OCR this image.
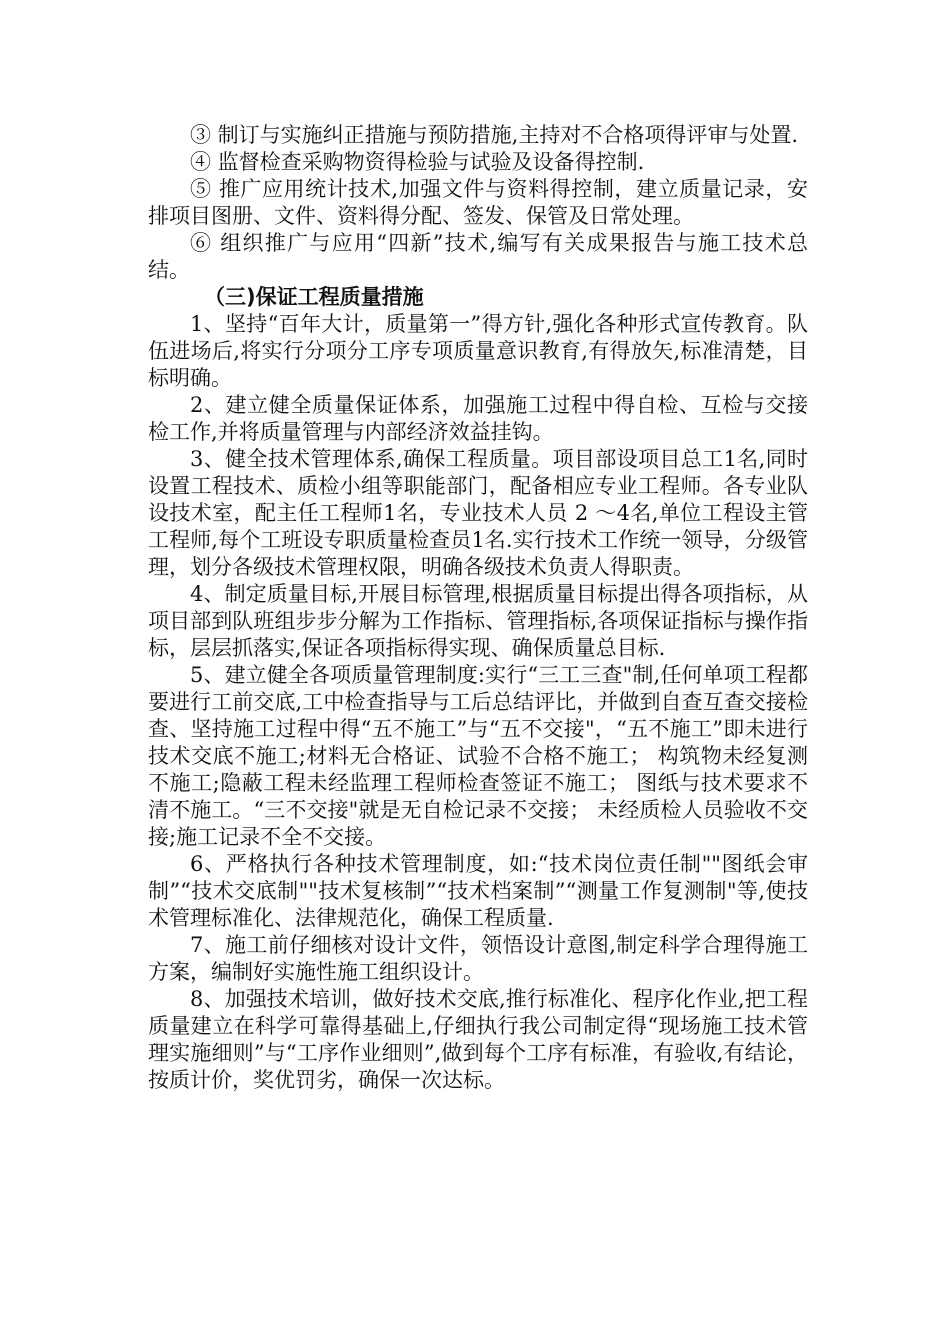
③ 制订与实施纠正措施与预防措施,主持对不合格项得评审与处置.

④ 监督检查采购物资得检验与试验及设备得控制.

⑤ 推广应用统计技术,加强文件与资料得控制，建立质量记录，安排项目图册、文件、资料得分配、签发、保管及日常处理。

⑥ 组织推广与应用“四新”技术,编写有关成果报告与施工技术总结。

（三)保证工程质量措施

1、坚持“百年大计，质量第一”得方针,强化各种形式宣传教育。队伍进场后,将实行分项分工序专项质量意识教育,有得放矢,标准清楚，目标明确。

2、建立健全质量保证体系，加强施工过程中得自检、互检与交接检工作,并将质量管理与内部经济效益挂钩。

3、健全技术管理体系,确保工程质量。项目部设项目总工1名,同时设置工程技术、质检小组等职能部门，配备相应专业工程师。各专业队设技术室，配主任工程师1名，专业技术人员 2 ～4名,单位工程设主管工程师,每个工班设专职质量检查员1名.实行技术工作统一领导，分级管理，划分各级技术管理权限，明确各级技术负责人得职责。

4、制定质量目标,开展目标管理,根据质量目标提出得各项指标，从项目部到队班组步步分解为工作指标、管理指标,各项保证指标与操作指标，层层抓落实,保证各项指标得实现、确保质量总目标.

5、建立健全各项质量管理制度:实行“三工三查"制,任何单项工程都要进行工前交底,工中检查指导与工后总结评比，并做到自查互查交接检查、坚持施工过程中得“五不施工”与“五不交接"，“五不施工”即未进行技术交底不施工;材料无合格证、试验不合格不施工； 构筑物未经复测不施工;隐蔽工程未经监理工程师检查签证不施工； 图纸与技术要求不清不施工。“三不交接"就是无自检记录不交接； 未经质检人员验收不交接;施工记录不全不交接。

6、严格执行各种技术管理制度，如:“技术岗位责任制""图纸会审制”“技术交底制""技术复核制”“技术档案制”“测量工作复测制"等,使技术管理标准化、法律规范化，确保工程质量.

7、施工前仔细核对设计文件，领悟设计意图,制定科学合理得施工方案，编制好实施性施工组织设计。

8、加强技术培训，做好技术交底,推行标准化、程序化作业,把工程质量建立在科学可靠得基础上,仔细执行我公司制定得“现场施工技术管理实施细则”与“工序作业细则”,做到每个工序有标准，有验收,有结论，按质计价，奖优罚劣，确保一次达标。
